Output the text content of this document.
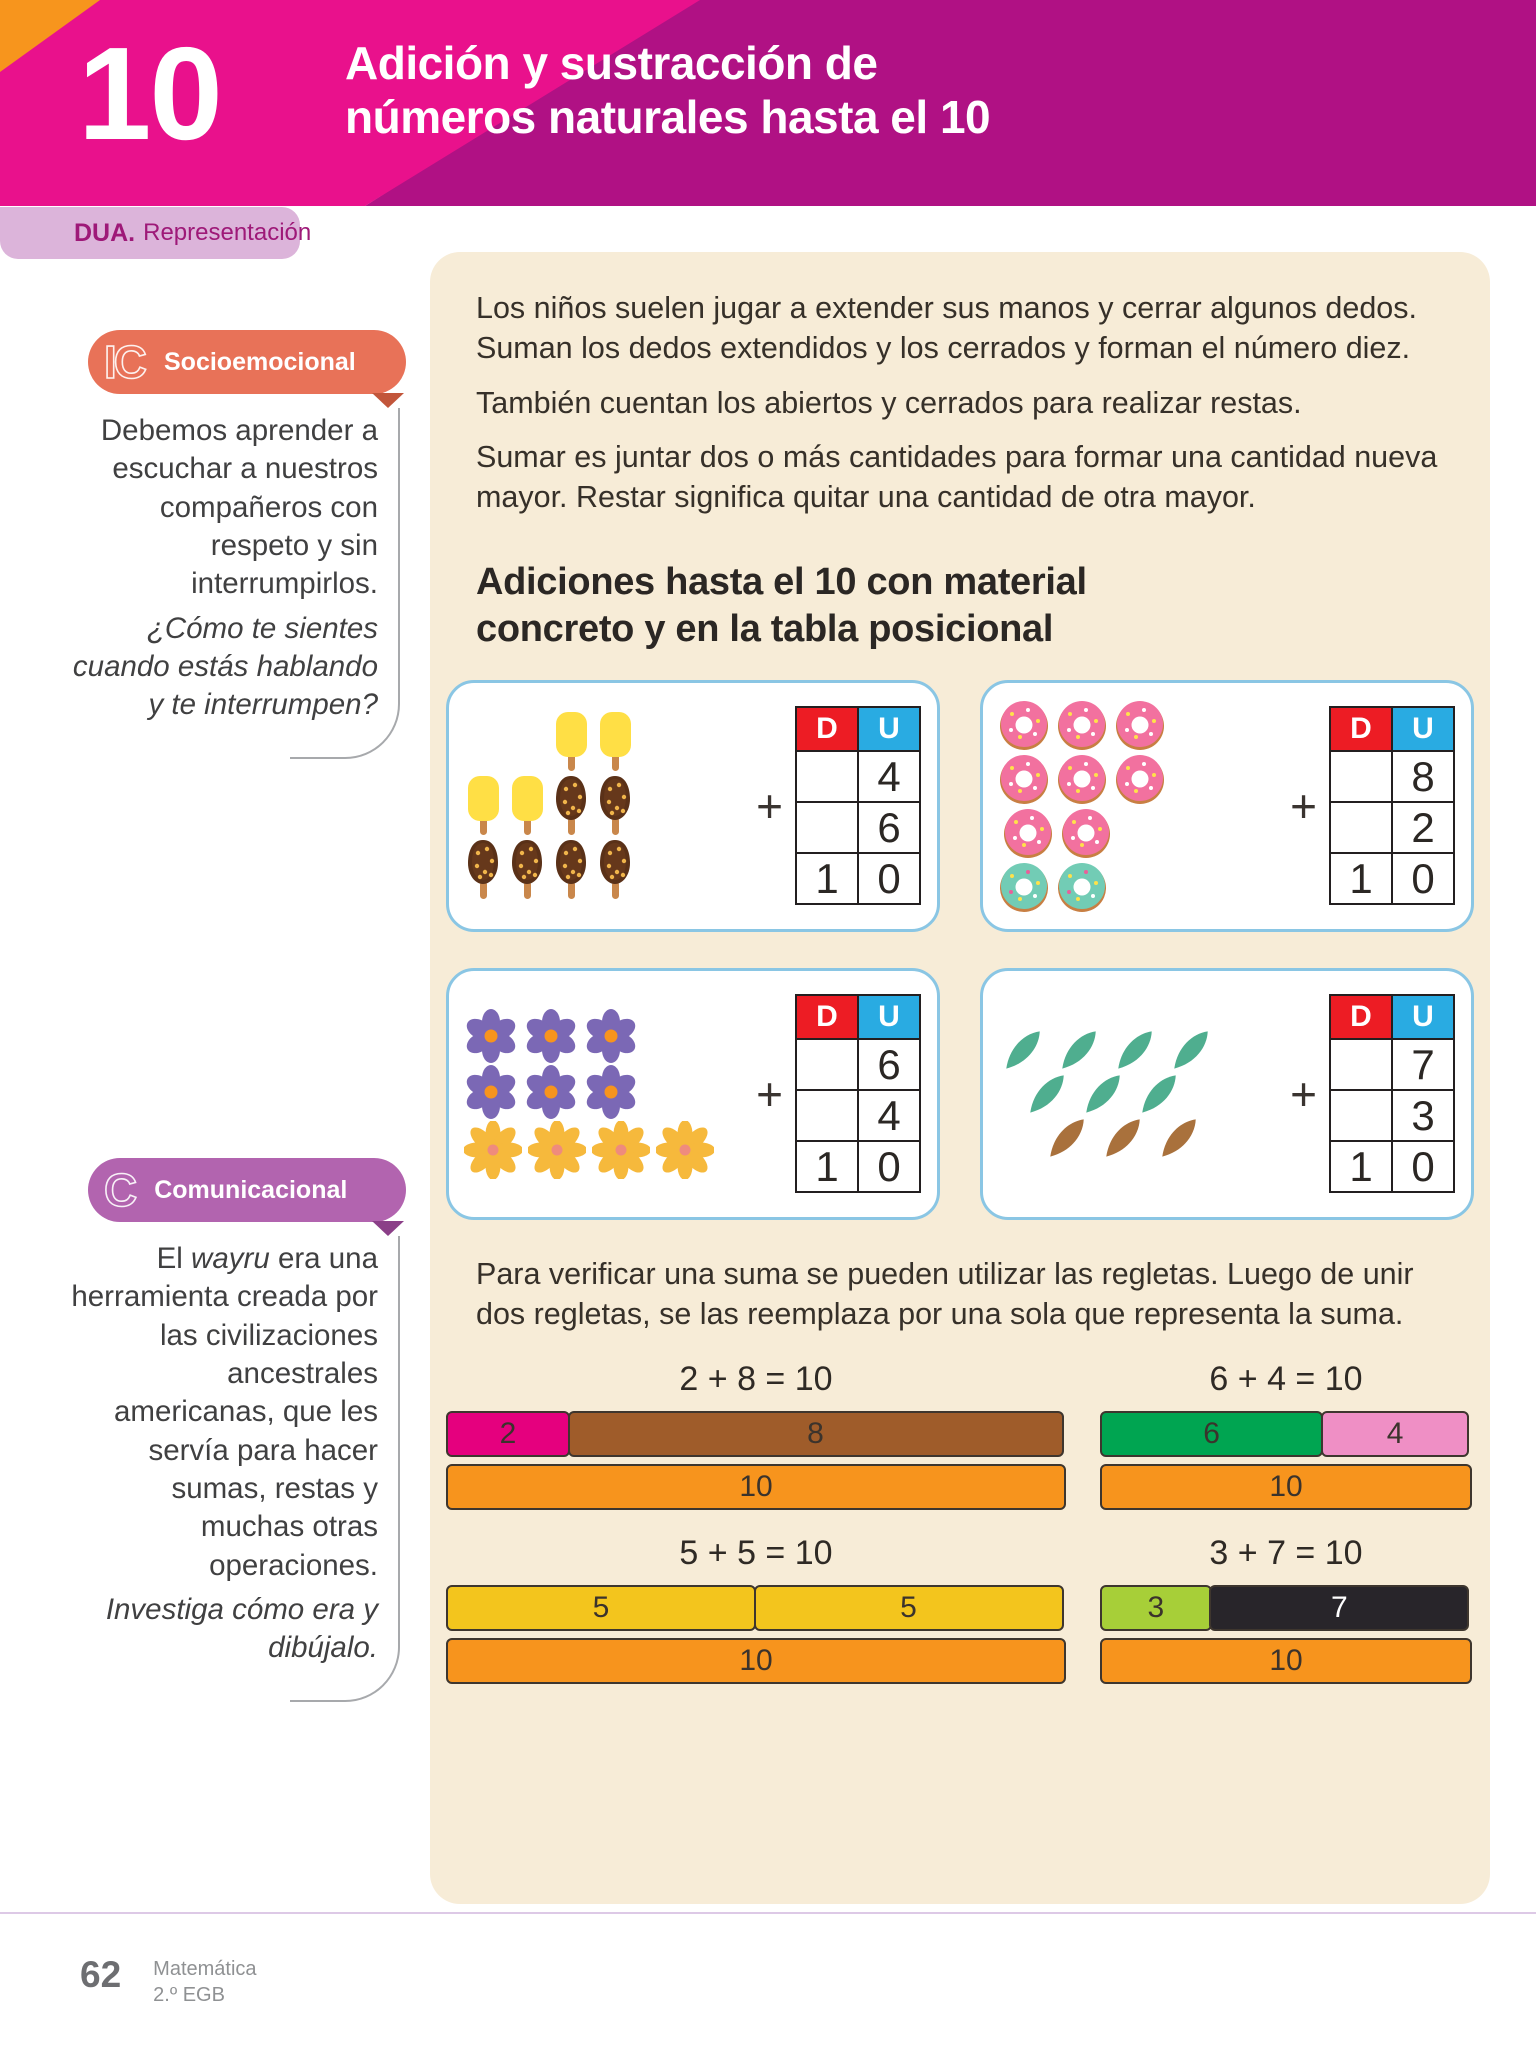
10	Adición y sustracción de
números naturales hasta el 10
DUA. Representación
IC Socioemocional
Debemos aprender a escuchar a nuestros compañeros con respeto y sin interrumpirlos.
¿Cómo te sientes cuando estás hablando y te interrumpen?
C Comunicacional
El wayru era una herramienta creada por las civilizaciones ancestrales americanas, que les servía para hacer sumas, restas y muchas otras operaciones.
Investiga cómo era y dibújalo.

Los niños suelen jugar a extender sus manos y cerrar algunos dedos. Suman los dedos extendidos y los cerrados y forman el número diez.

También cuentan los abiertos y cerrados para realizar restas.

Sumar es juntar dos o más cantidades para formar una cantidad nueva mayor. Restar significa quitar una cantidad de otra mayor.

Adiciones hasta el 10 con material concreto y en la tabla posicional
+
D	U
	4
	6
1	0
+
D	U
	8
	2
1	0
+
D	U
	6
	4
1	0
+
D	U
	7
	3
1	0

Para verificar una suma se pueden utilizar las regletas. Luego de unir dos regletas, se las reemplaza por una sola que representa la suma.

2 + 8 = 10
2	8
10
6 + 4 = 10
6	4
10
5 + 5 = 10
5	5
10
3 + 7 = 10
3	7
10
62 Matemática
2.º EGB
